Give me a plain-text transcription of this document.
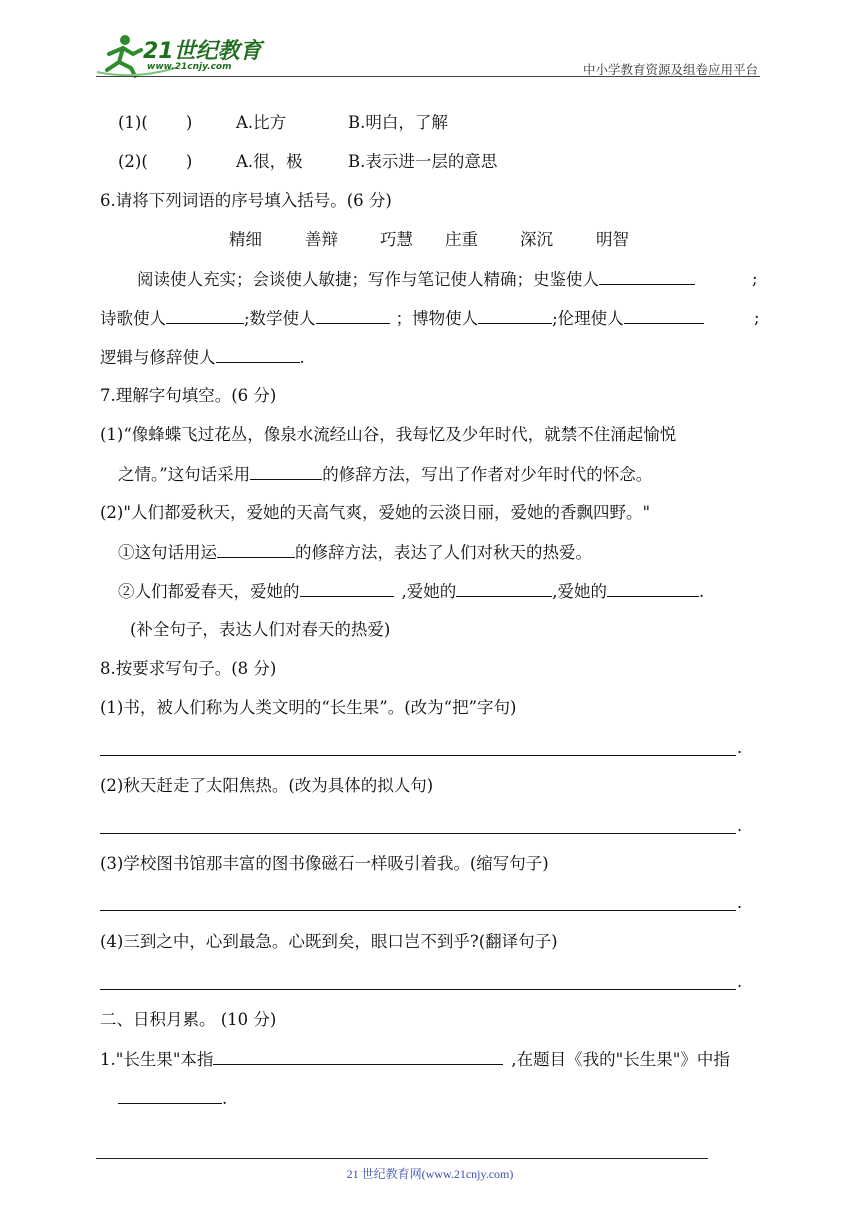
21世纪教育
www.21cnjy.com	中小学教育资源及组卷应用平台
(1)( )	A.比方	B.明白，了解
(2)( )	A.很，极	B.表示进一层的意思
6.请将下列词语的序号填入括号。(6 分)
精细	善辩	巧慧 庄重	深沉	明智
阅读使人充实；会谈使人敏捷；写作与笔记使人精确；史鉴使人	;
诗歌使人	;数学使人	；博物使人	;伦理使人	;
逻辑与修辞使人	.
7.理解字句填空。(6 分)
(1)“像蜂蝶飞过花丛，像泉水流经山谷，我每忆及少年时代，就禁不住涌起愉悦
之情。”这句话采用	的修辞方法，写出了作者对少年时代的怀念。
(2)"人们都爱秋天，爱她的天高气爽，爱她的云淡日丽，爱她的香飘四野。"
①这句话用运	的修辞方法，表达了人们对秋天的热爱。
②人们都爱春天，爱她的	,爱她的	,爱她的	.
(补全句子，表达人们对春天的热爱)
8.按要求写句子。(8 分)
(1)书，被人们称为人类文明的“长生果”。(改为“把”字句)
.
(2)秋天赶走了太阳焦热。(改为具体的拟人句)
.
(3)学校图书馆那丰富的图书像磁石一样吸引着我。(缩写句子)
.
(4)三到之中，心到最急。心既到矣，眼口岂不到乎?(翻译句子)
.
二、日积月累。 (10 分)
1."长生果"本指	,在题目《我的"长生果"》中指
.
21 世纪教育网(www.21cnjy.com)
